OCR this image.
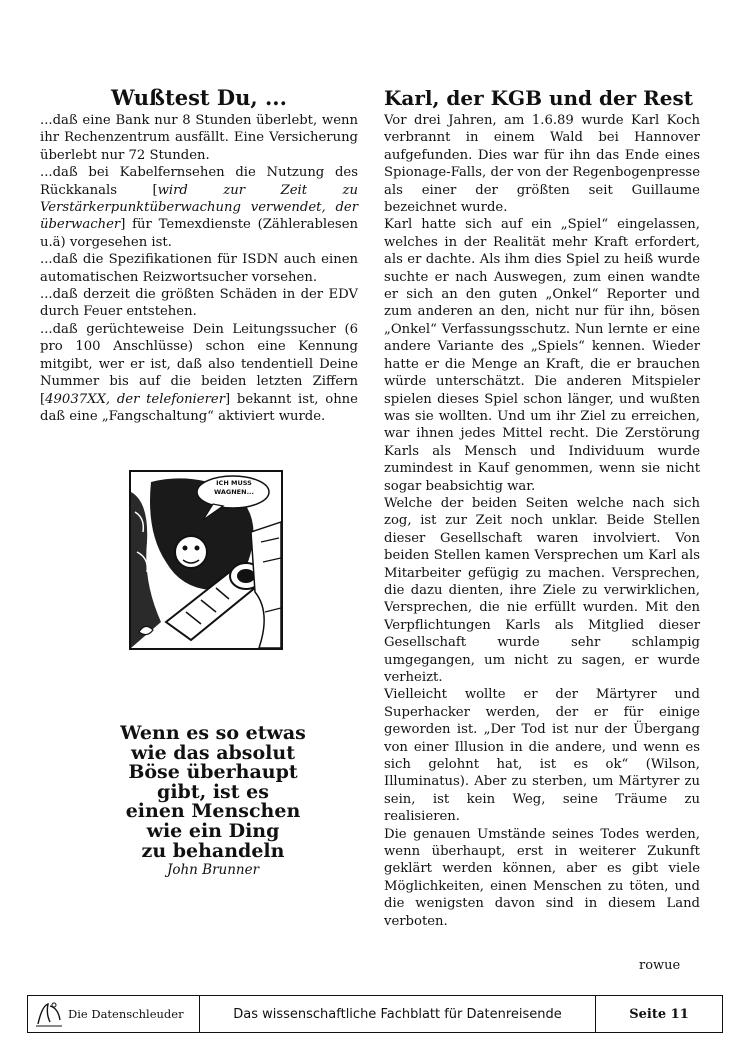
Wußtest Du, ...

...daß eine Bank nur 8 Stunden überlebt, wenn ihr Rechenzentrum ausfällt. Eine Versicherung überlebt nur 72 Stunden.

...daß bei Kabelfernsehen die Nutzung des Rückkanals [wird zur Zeit zu Verstärkerpunktüberwachung verwendet, der überwacher] für Temexdienste (Zählerablesen u.ä) vorgesehen ist.

...daß die Spezifikationen für ISDN auch einen automatischen Reizwortsucher vorsehen.

...daß derzeit die größten Schäden in der EDV durch Feuer entstehen.

...daß gerüchteweise Dein Leitungssucher (6 pro 100 Anschlüsse) schon eine Kennung mitgibt, wer er ist, daß also tendentiell Deine Nummer bis auf die beiden letzten Ziffern [49037XX, der telefonierer] bekannt ist, ohne daß eine „Fangschaltung“ aktiviert wurde.

ICH MUSS
WAGNEN...
Wenn es so etwas
wie das absolut
Böse überhaupt
gibt, ist es
einen Menschen
wie ein Ding
zu behandeln
John Brunner
Karl, der KGB und der Rest

Vor drei Jahren, am 1.6.89 wurde Karl Koch verbrannt in einem Wald bei Hannover aufgefunden. Dies war für ihn das Ende eines Spionage-Falls, der von der Regenbogenpresse als einer der größten seit Guillaume bezeichnet wurde.

Karl hatte sich auf ein „Spiel“ eingelassen, welches in der Realität mehr Kraft erfordert, als er dachte. Als ihm dies Spiel zu heiß wurde suchte er nach Auswegen, zum einen wandte er sich an den guten „Onkel“ Reporter und zum anderen an den, nicht nur für ihn, bösen „Onkel“ Verfassungsschutz. Nun lernte er eine andere Variante des „Spiels“ kennen. Wieder hatte er die Menge an Kraft, die er brauchen würde unterschätzt. Die anderen Mitspieler spielen dieses Spiel schon länger, und wußten was sie wollten. Und um ihr Ziel zu erreichen, war ihnen jedes Mittel recht. Die Zerstörung Karls als Mensch und Individuum wurde zumindest in Kauf genommen, wenn sie nicht sogar beabsichtig war.

Welche der beiden Seiten welche nach sich zog, ist zur Zeit noch unklar. Beide Stellen dieser Gesellschaft waren involviert. Von beiden Stellen kamen Versprechen um Karl als Mitarbeiter gefügig zu machen. Versprechen, die dazu dienten, ihre Ziele zu verwirklichen, Versprechen, die nie erfüllt wurden. Mit den Verpflichtungen Karls als Mitglied dieser Gesellschaft wurde sehr schlampig umgegangen, um nicht zu sagen, er wurde verheizt.

Vielleicht wollte er der Märtyrer und Superhacker werden, der er für einige geworden ist. „Der Tod ist nur der Übergang von einer Illusion in die andere, und wenn es sich gelohnt hat, ist es ok“ (Wilson, Illuminatus). Aber zu sterben, um Märtyrer zu sein, ist kein Weg, seine Träume zu realisieren.

Die genauen Umstände seines Todes werden, wenn überhaupt, erst in weiterer Zukunft geklärt werden können, aber es gibt viele Möglichkeiten, einen Menschen zu töten, und die wenigsten davon sind in diesem Land verboten.

rowue
Die Datenschleuder	Das wissenschaftliche Fachblatt für Datenreisende	Seite 11
